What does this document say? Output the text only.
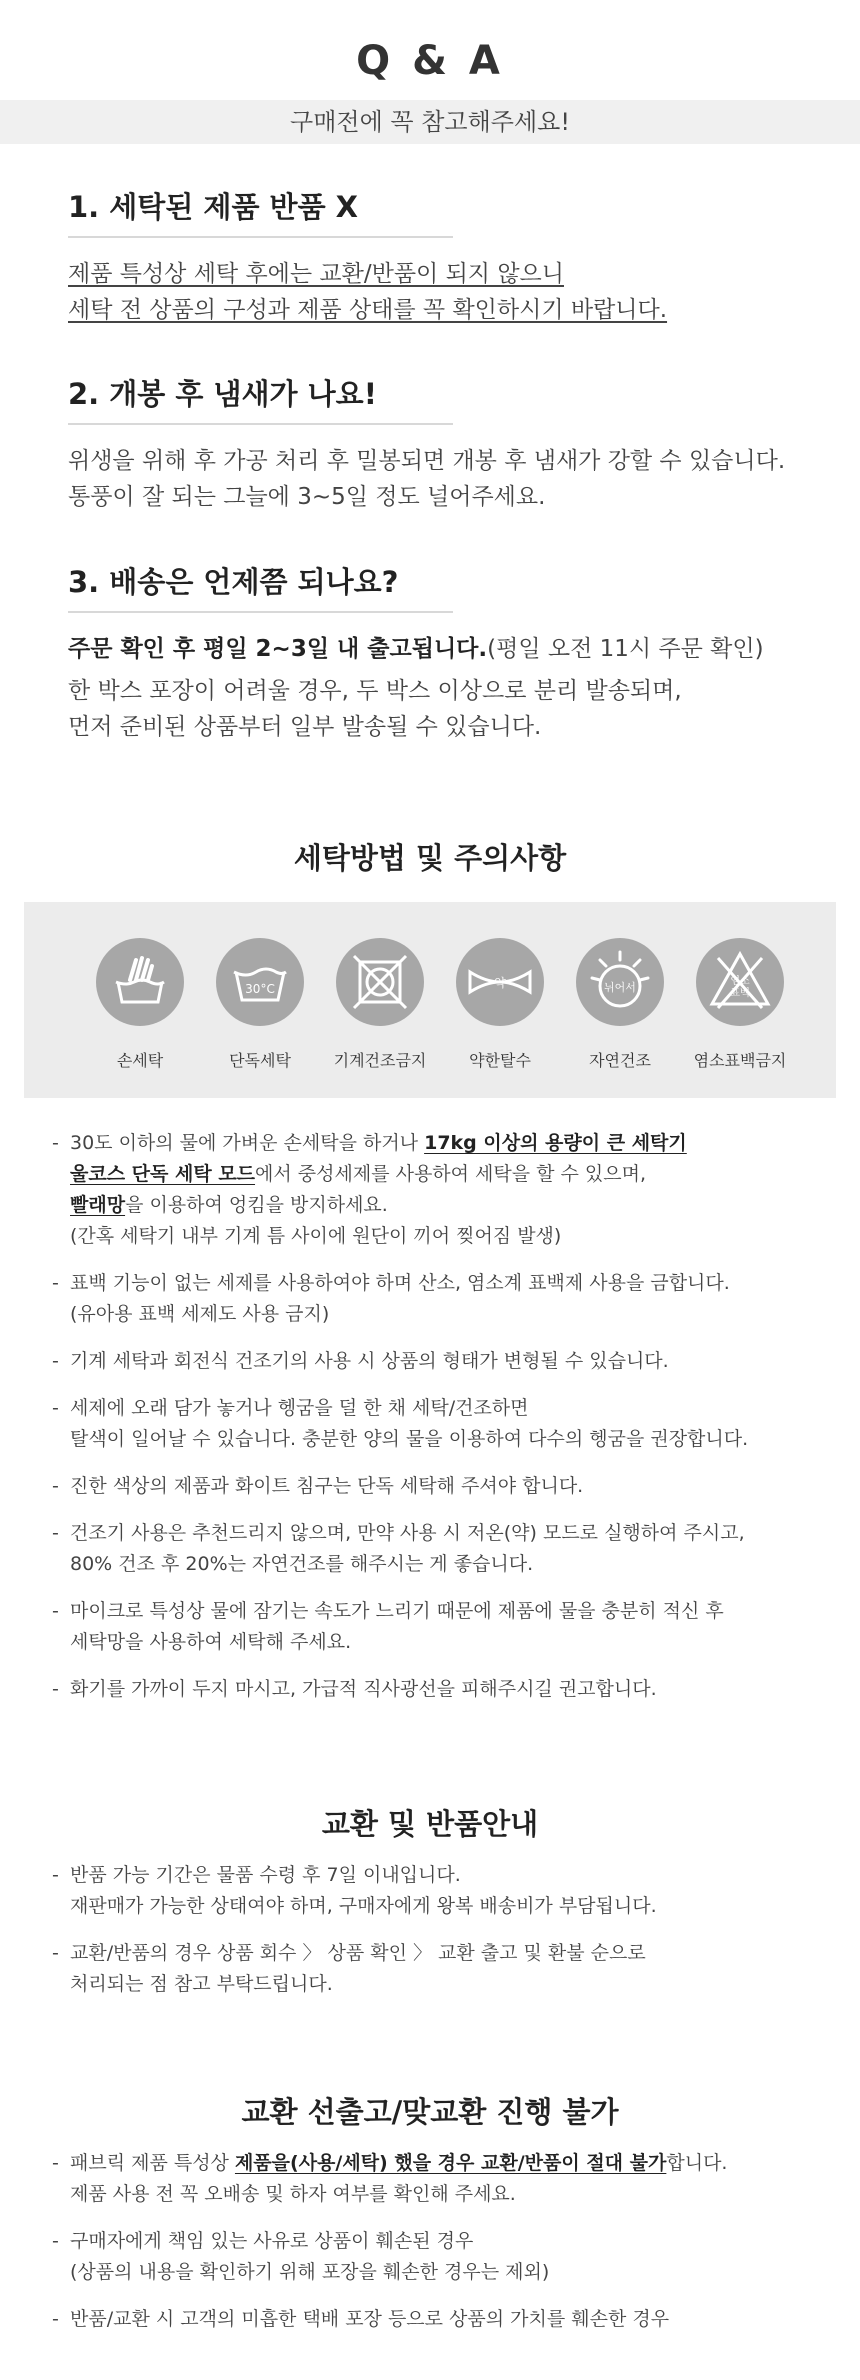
Q & A
구매전에 꼭 참고해주세요!
1. 세탁된 제품 반품 X
제품 특성상 세탁 후에는 교환/반품이 되지 않으니
세탁 전 상품의 구성과 제품 상태를 꼭 확인하시기 바랍니다.
2. 개봉 후 냄새가 나요!
위생을 위해 후 가공 처리 후 밀봉되면 개봉 후 냄새가 강할 수 있습니다.
통풍이 잘 되는 그늘에 3~5일 정도 널어주세요.
3. 배송은 언제쯤 되나요?
주문 확인 후 평일 2~3일 내 출고됩니다.(평일 오전 11시 주문 확인)
한 박스 포장이 어려울 경우, 두 박스 이상으로 분리 발송되며,
먼저 준비된 상품부터 일부 발송될 수 있습니다.
세탁방법 및 주의사항
손세탁
30°C
단독세탁	기계건조금지
약
약한탈수
뉘어서
자연건조
염소
표백
염소표백금지
- 30도 이하의 물에 가벼운 손세탁을 하거나 17kg 이상의 용량이 큰 세탁기
울코스 단독 세탁 모드에서 중성세제를 사용하여 세탁을 할 수 있으며,
빨래망을 이용하여 엉킴을 방지하세요.
(간혹 세탁기 내부 기계 틈 사이에 원단이 끼어 찢어짐 발생)
- 표백 기능이 없는 세제를 사용하여야 하며 산소, 염소계 표백제 사용을 금합니다.
(유아용 표백 세제도 사용 금지)
- 기계 세탁과 회전식 건조기의 사용 시 상품의 형태가 변형될 수 있습니다.
- 세제에 오래 담가 놓거나 헹굼을 덜 한 채 세탁/건조하면
탈색이 일어날 수 있습니다. 충분한 양의 물을 이용하여 다수의 헹굼을 권장합니다.
- 진한 색상의 제품과 화이트 침구는 단독 세탁해 주셔야 합니다.
- 건조기 사용은 추천드리지 않으며, 만약 사용 시 저온(약) 모드로 실행하여 주시고,
80% 건조 후 20%는 자연건조를 해주시는 게 좋습니다.
- 마이크로 특성상 물에 잠기는 속도가 느리기 때문에 제품에 물을 충분히 적신 후
세탁망을 사용하여 세탁해 주세요.
- 화기를 가까이 두지 마시고, 가급적 직사광선을 피해주시길 권고합니다.
교환 및 반품안내
- 반품 가능 기간은 물품 수령 후 7일 이내입니다.
재판매가 가능한 상태여야 하며, 구매자에게 왕복 배송비가 부담됩니다.
- 교환/반품의 경우 상품 회수 〉 상품 확인 〉 교환 출고 및 환불 순으로
처리되는 점 참고 부탁드립니다.
교환 선출고/맞교환 진행 불가
- 패브릭 제품 특성상 제품을(사용/세탁) 했을 경우 교환/반품이 절대 불가합니다.
제품 사용 전 꼭 오배송 및 하자 여부를 확인해 주세요.
- 구매자에게 책임 있는 사유로 상품이 훼손된 경우
(상품의 내용을 확인하기 위해 포장을 훼손한 경우는 제외)
- 반품/교환 시 고객의 미흡한 택배 포장 등으로 상품의 가치를 훼손한 경우
